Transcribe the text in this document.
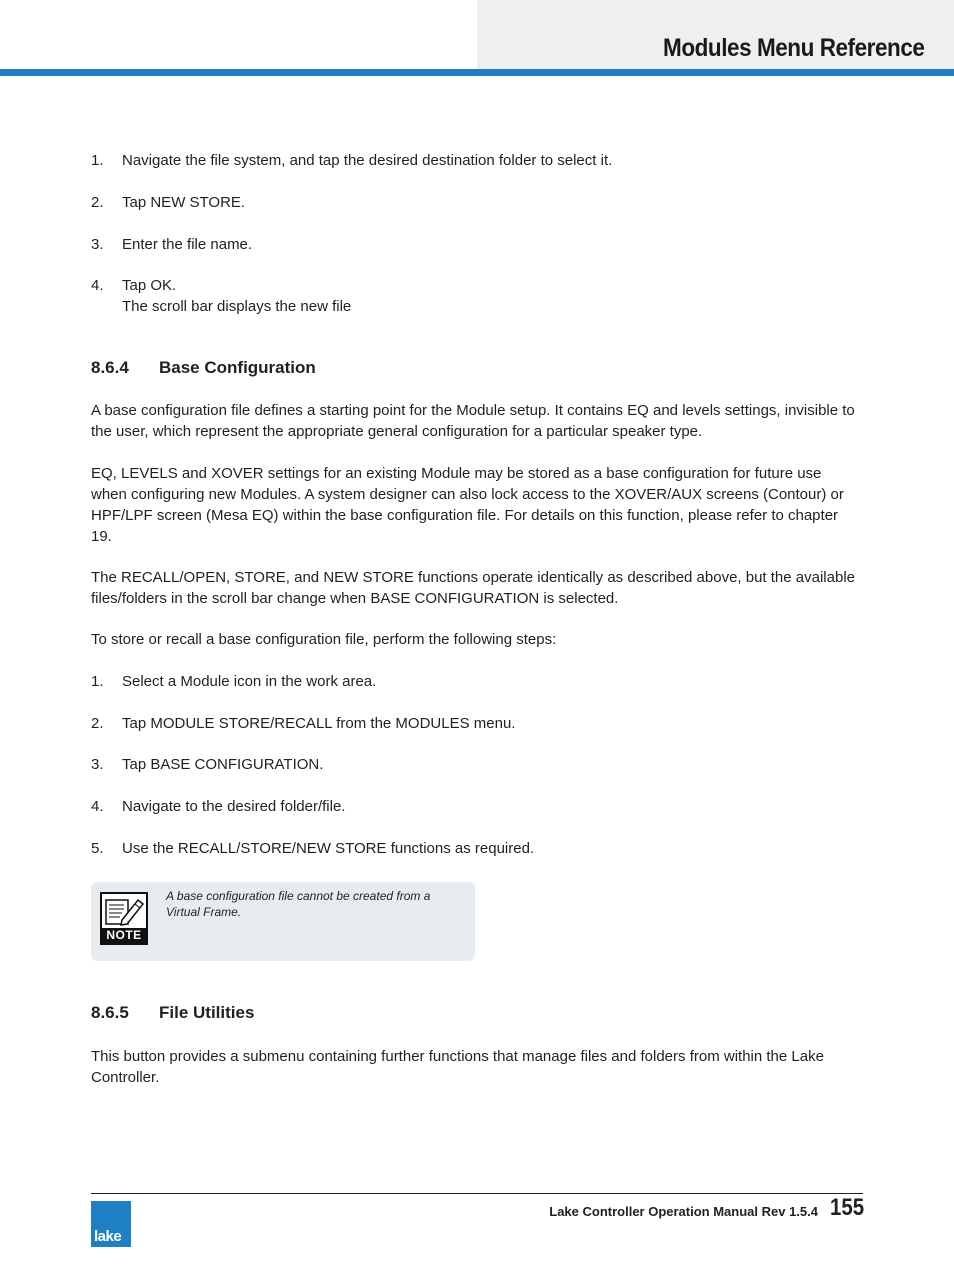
Modules Menu Reference
1. Navigate the file system, and tap the desired destination folder to select it.
2. Tap NEW STORE.
3. Enter the file name.
4. Tap OK.
The scroll bar displays the new file
8.6.4 Base Configuration

A base configuration file defines a starting point for the Module setup. It contains EQ and levels settings, invisible to the user, which represent the appropriate general configuration for a particular speaker type.

EQ, LEVELS and XOVER settings for an existing Module may be stored as a base configuration for future use when configuring new Modules. A system designer can also lock access to the XOVER/AUX screens (Contour) or HPF/LPF screen (Mesa EQ) within the base configuration file. For details on this function, please refer to chapter 19.

The RECALL/OPEN, STORE, and NEW STORE functions operate identically as described above, but the available files/folders in the scroll bar change when BASE CONFIGURATION is selected.

To store or recall a base configuration file, perform the following steps:

1. Select a Module icon in the work area.
2. Tap MODULE STORE/RECALL from the MODULES menu.
3. Tap BASE CONFIGURATION.
4. Navigate to the desired folder/file.
5. Use the RECALL/STORE/NEW STORE functions as required.
NOTE
A base configuration file cannot be created from a Virtual Frame.
8.6.5 File Utilities

This button provides a submenu containing further functions that manage files and folders from within the Lake Controller.

lake
Lake Controller Operation Manual Rev 1.5.4 155
